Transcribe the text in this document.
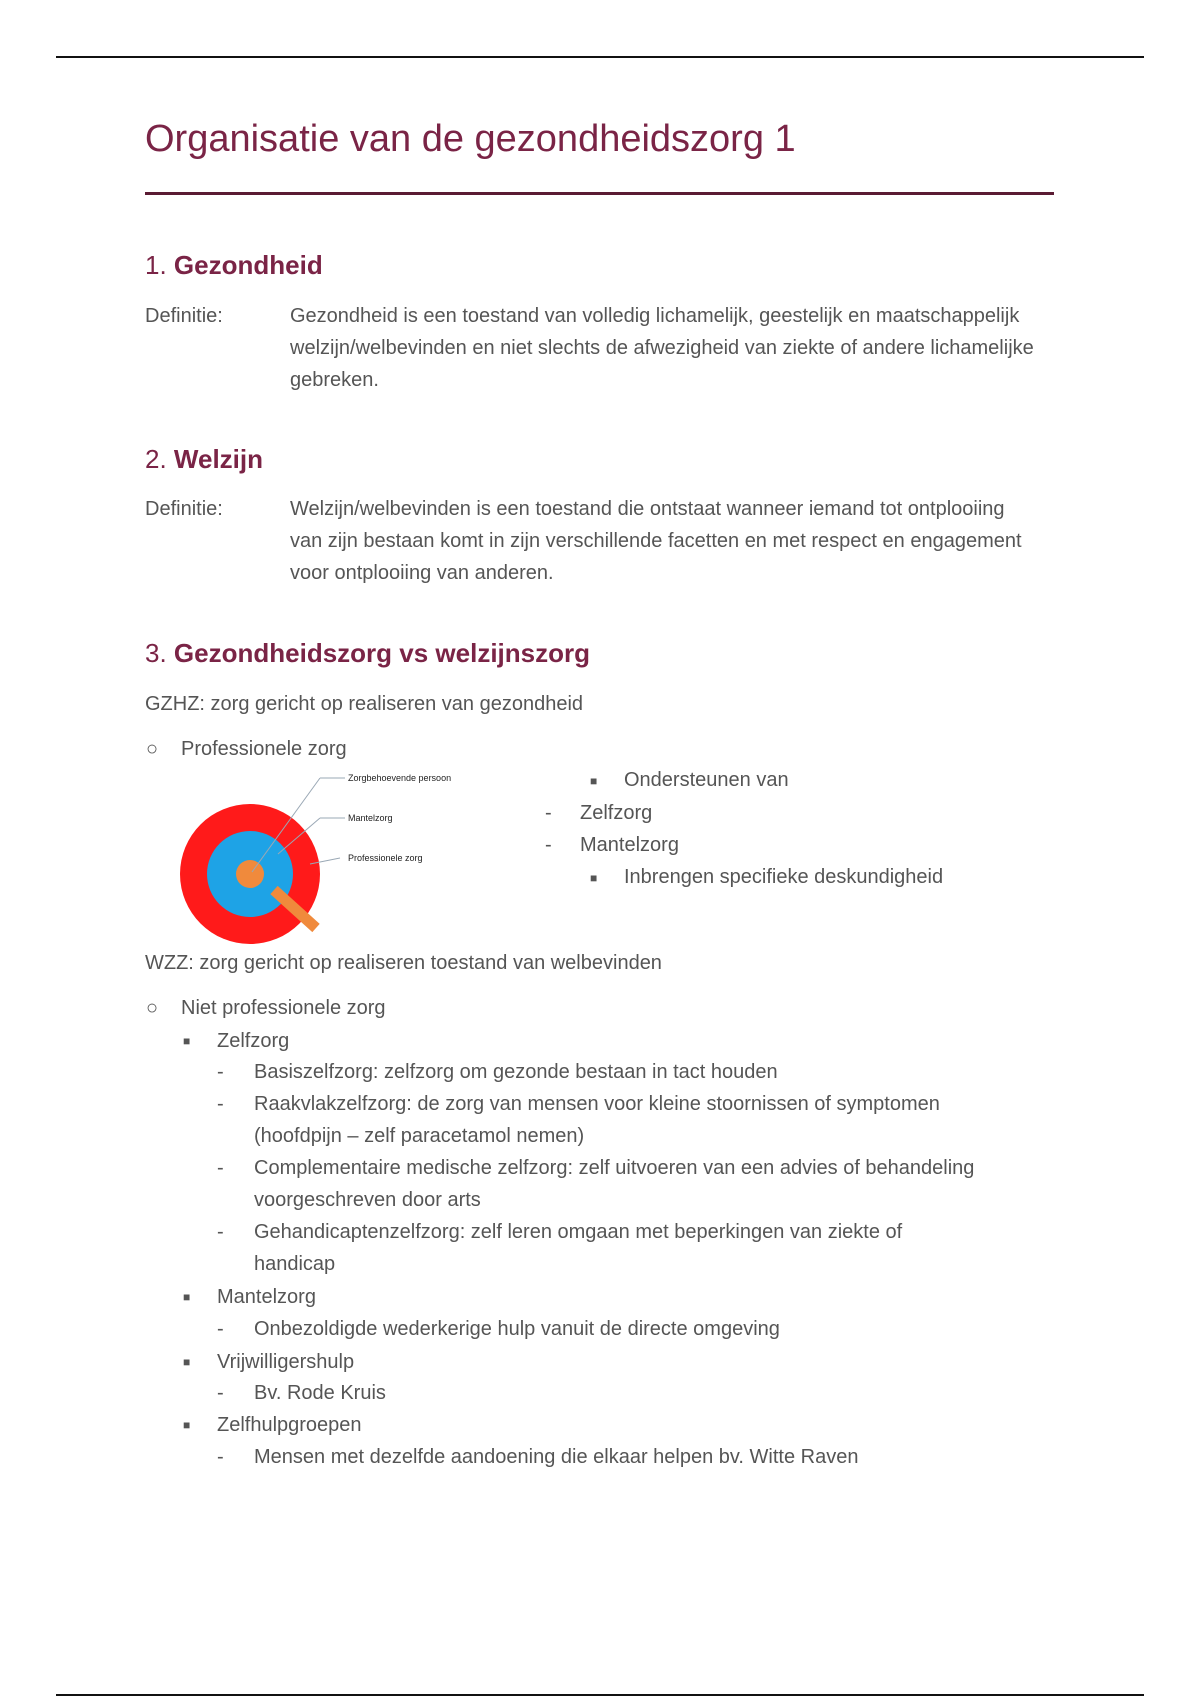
Organisatie van de gezondheidszorg 1
1. Gezondheid
Definitie:	Gezondheid is een toestand van volledig lichamelijk, geestelijk en maatschappelijk welzijn/welbevinden en niet slechts de afwezigheid van ziekte of andere lichamelijke gebreken.
2. Welzijn
Definitie:	Welzijn/welbevinden is een toestand die ontstaat wanneer iemand tot ontplooiing van zijn bestaan komt in zijn verschillende facetten en met respect en engagement voor ontplooiing van anderen.
3. Gezondheidszorg vs welzijnszorg
GZHZ: zorg gericht op realiseren van gezondheid
○ Professionele zorg
Zorgbehoevende persoon
Mantelzorg
Professionele zorg
■ Ondersteunen van
- Zelfzorg
- Mantelzorg
■ Inbrengen specifieke deskundigheid
WZZ: zorg gericht op realiseren toestand van welbevinden
○ Niet professionele zorg
■ Zelfzorg
- Basiszelfzorg: zelfzorg om gezonde bestaan in tact houden
- Raakvlakzelfzorg: de zorg van mensen voor kleine stoornissen of symptomen
(hoofdpijn – zelf paracetamol nemen)
- Complementaire medische zelfzorg: zelf uitvoeren van een advies of behandeling
voorgeschreven door arts
- Gehandicaptenzelfzorg: zelf leren omgaan met beperkingen van ziekte of
handicap
■ Mantelzorg
- Onbezoldigde wederkerige hulp vanuit de directe omgeving
■ Vrijwilligershulp
- Bv. Rode Kruis
■ Zelfhulpgroepen
- Mensen met dezelfde aandoening die elkaar helpen bv. Witte Raven
